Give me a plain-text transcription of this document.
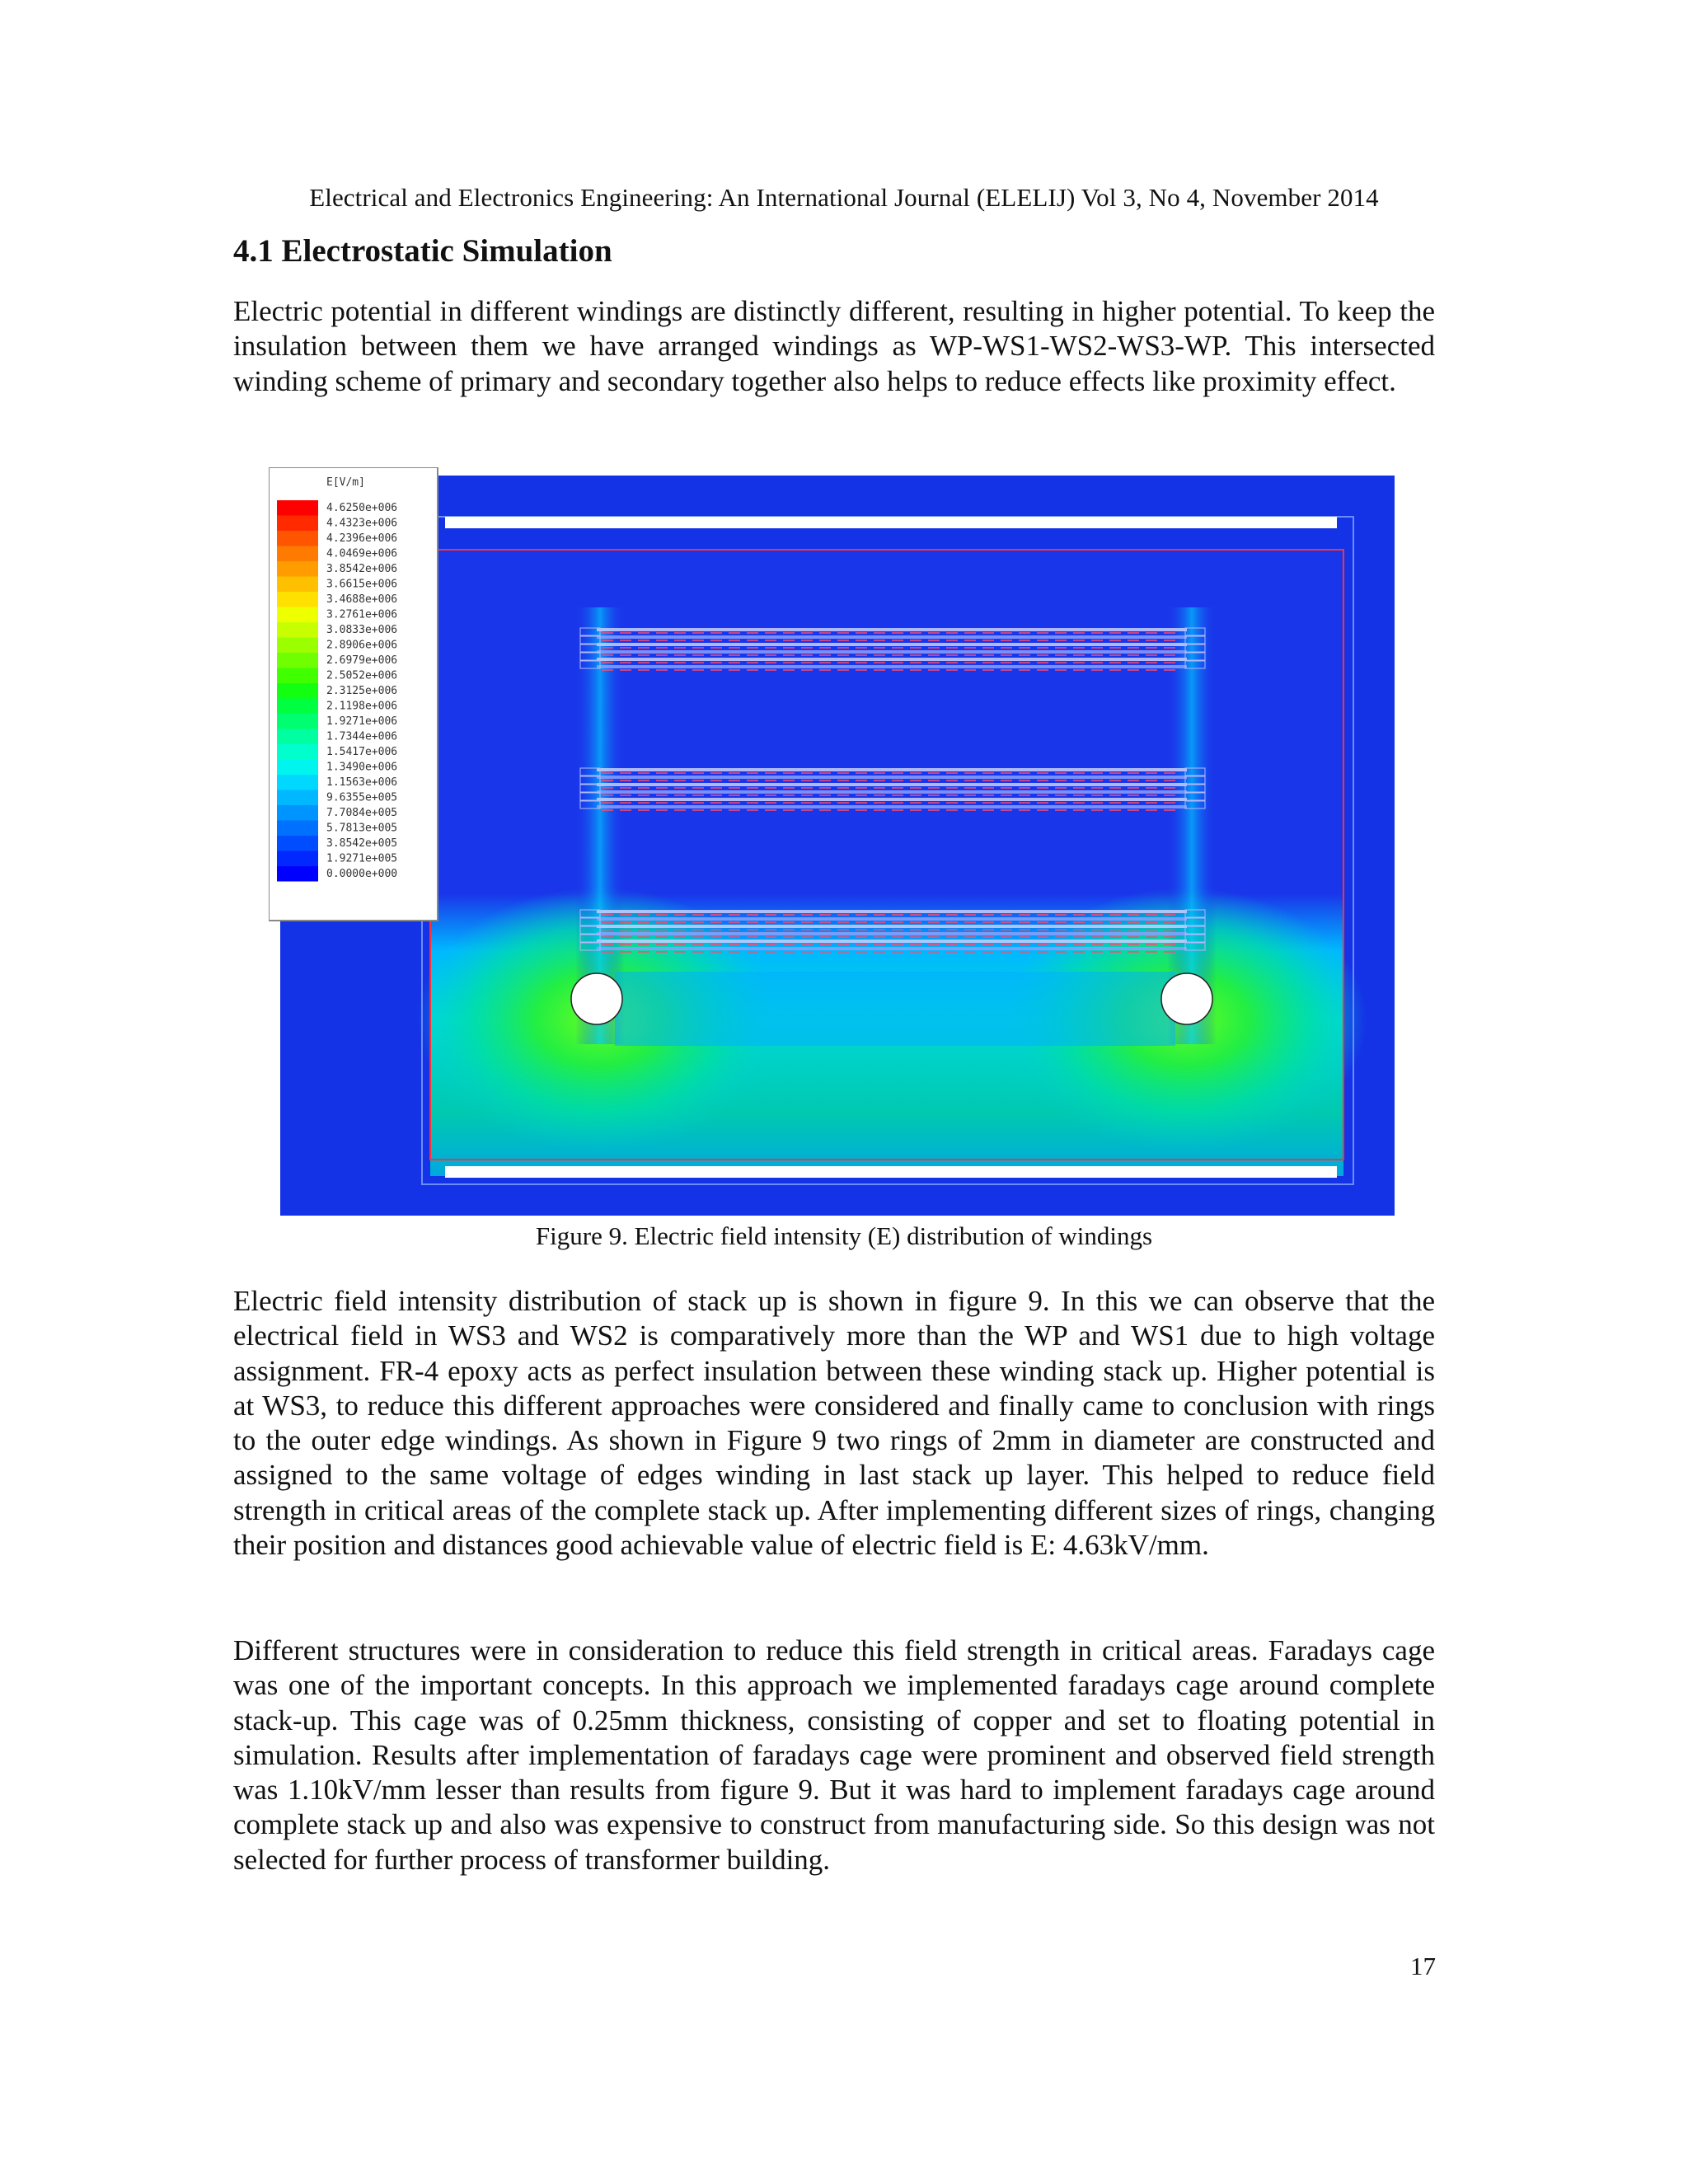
Electrical and Electronics Engineering: An International Journal (ELELIJ) Vol 3, No 4, November 2014
4.1 Electrostatic Simulation

Electric potential in different windings are distinctly different, resulting in higher potential. To keep the insulation between them we have arranged windings as WP-WS1-WS2-WS3-WP. This intersected winding scheme of primary and secondary together also helps to reduce effects like proximity effect.

E[V/m]
4.6250e+006
4.4323e+006
4.2396e+006
4.0469e+006
3.8542e+006
3.6615e+006
3.4688e+006
3.2761e+006
3.0833e+006
2.8906e+006
2.6979e+006
2.5052e+006
2.3125e+006
2.1198e+006
1.9271e+006
1.7344e+006
1.5417e+006
1.3490e+006
1.1563e+006
9.6355e+005
7.7084e+005
5.7813e+005
3.8542e+005
1.9271e+005
0.0000e+000
Figure 9. Electric field intensity (E) distribution of windings

Electric field intensity distribution of stack up is shown in figure 9. In this we can observe that the electrical field in WS3 and WS2 is comparatively more than the WP and WS1 due to high voltage assignment. FR-4 epoxy acts as perfect insulation between these winding stack up. Higher potential is at WS3, to reduce this different approaches were considered and finally came to conclusion with rings to the outer edge windings. As shown in Figure 9 two rings of 2mm in diameter are constructed and assigned to the same voltage of edges winding in last stack up layer. This helped to reduce field strength in critical areas of the complete stack up. After implementing different sizes of rings, changing their position and distances good achievable value of electric field is E: 4.63kV/mm.

Different structures were in consideration to reduce this field strength in critical areas. Faradays cage was one of the important concepts. In this approach we implemented faradays cage around complete stack-up. This cage was of 0.25mm thickness, consisting of copper and set to floating potential in simulation. Results after implementation of faradays cage were prominent and observed field strength was 1.10kV/mm lesser than results from figure 9. But it was hard to implement faradays cage around complete stack up and also was expensive to construct from manufacturing side. So this design was not selected for further process of transformer building.

17
